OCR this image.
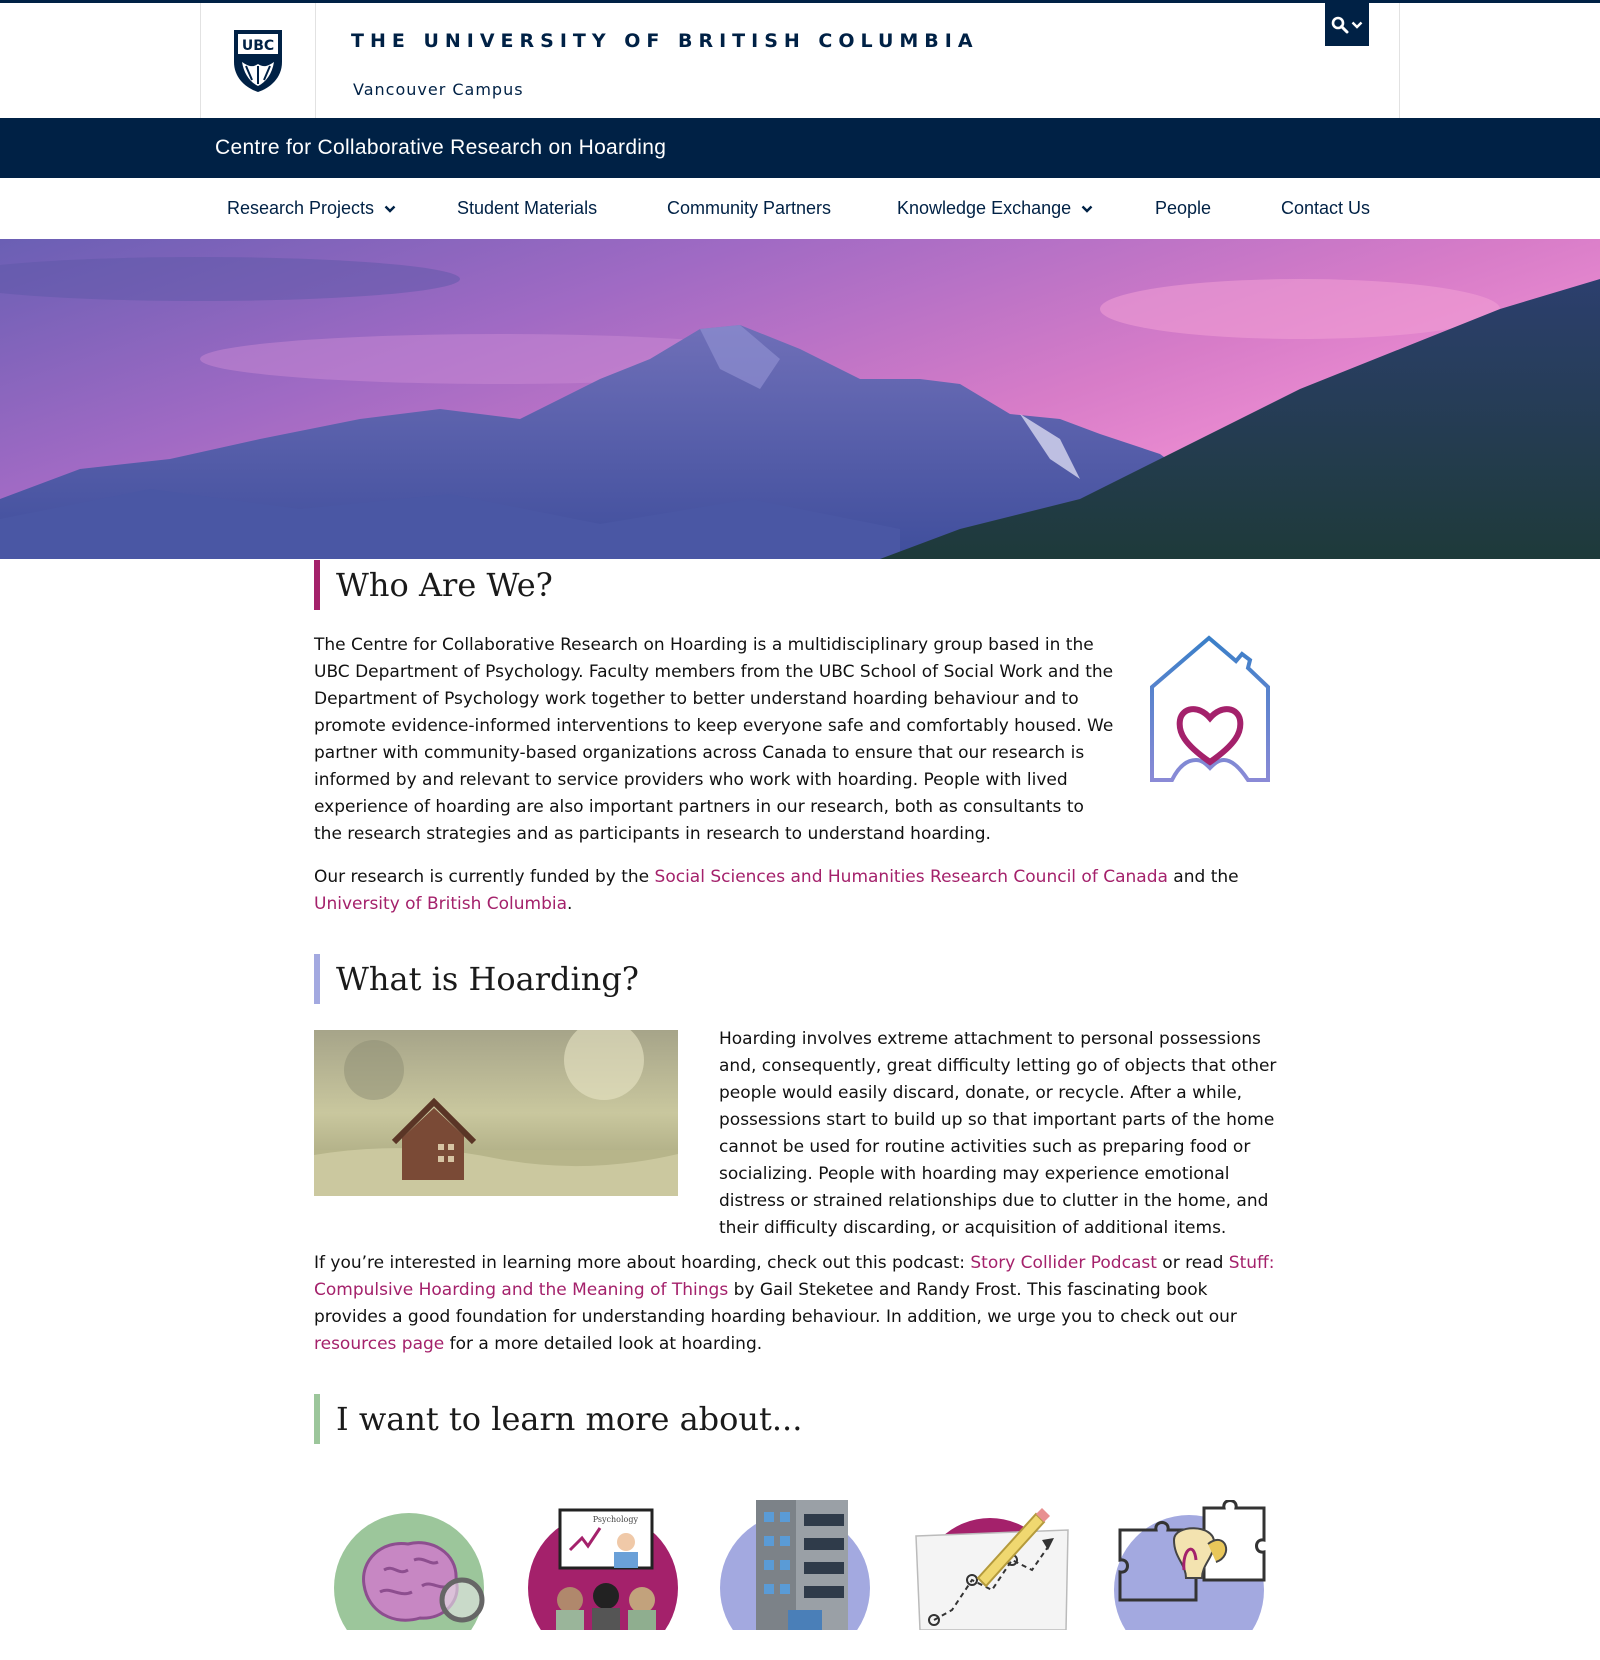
UBC	THE UNIVERSITY OF BRITISH COLUMBIA
Vancouver Campus
Centre for Collaborative Research on Hoarding
Research Projects	Student Materials	Community Partners	Knowledge Exchange	People	Contact Us
Who Are We?

The Centre for Collaborative Research on Hoarding is a multidisciplinary group based in the UBC Department of Psychology. Faculty members from the UBC School of Social Work and the Department of Psychology work together to better understand hoarding behaviour and to promote evidence-informed interventions to keep everyone safe and comfortably housed. We partner with community-based organizations across Canada to ensure that our research is informed by and relevant to service providers who work with hoarding. People with lived experience of hoarding are also important partners in our research, both as consultants to the research strategies and as participants in research to understand hoarding.

Our research is currently funded by the Social Sciences and Humanities Research Council of Canada and the University of British Columbia.

What is Hoarding?

Hoarding involves extreme attachment to personal possessions and, consequently, great difficulty letting go of objects that other people would easily discard, donate, or recycle. After a while, possessions start to build up so that important parts of the home cannot be used for routine activities such as preparing food or socializing. People with hoarding may experience emotional distress or strained relationships due to clutter in the home, and their difficulty discarding, or acquisition of additional items.

If you’re interested in learning more about hoarding, check out this podcast: Story Collider Podcast or read Stuff: Compulsive Hoarding and the Meaning of Things by Gail Steketee and Randy Frost. This fascinating book provides a good foundation for understanding hoarding behaviour. In addition, we urge you to check out our resources page for a more detailed look at hoarding.

I want to learn more about...
Psychology
